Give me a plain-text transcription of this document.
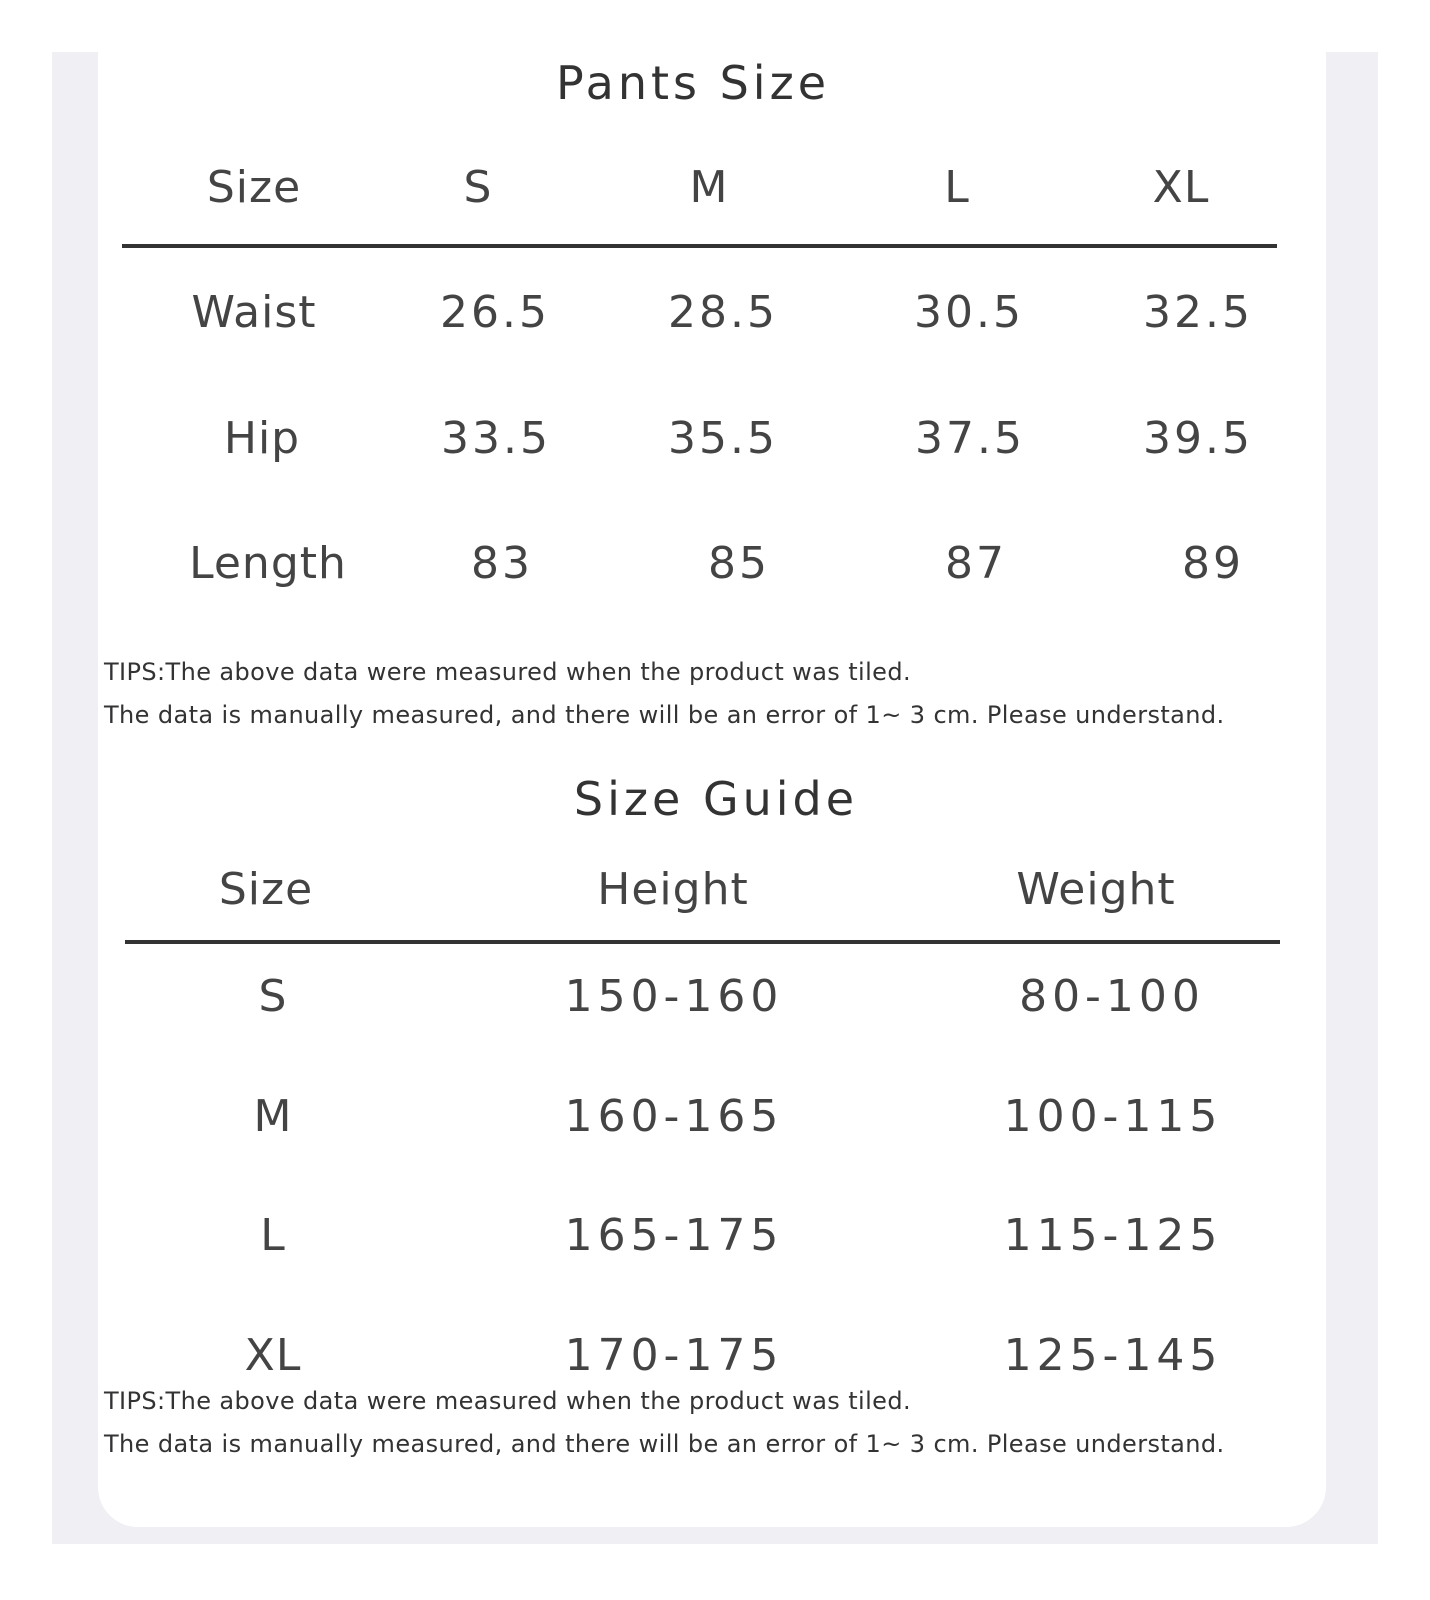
Pants Size
Size	S	M	L	XL
Waist	26.5	28.5	30.5	32.5
Hip	33.5	35.5	37.5	39.5
Length	83	85	87	89
TIPS:The above data were measured when the product was tiled.
The data is manually measured, and there will be an error of 1~ 3 cm. Please understand.
Size Guide
Size	Height	Weight
S	150-160	80-100
M	160-165	100-115
L	165-175	115-125
XL	170-175	125-145
TIPS:The above data were measured when the product was tiled.
The data is manually measured, and there will be an error of 1~ 3 cm. Please understand.
